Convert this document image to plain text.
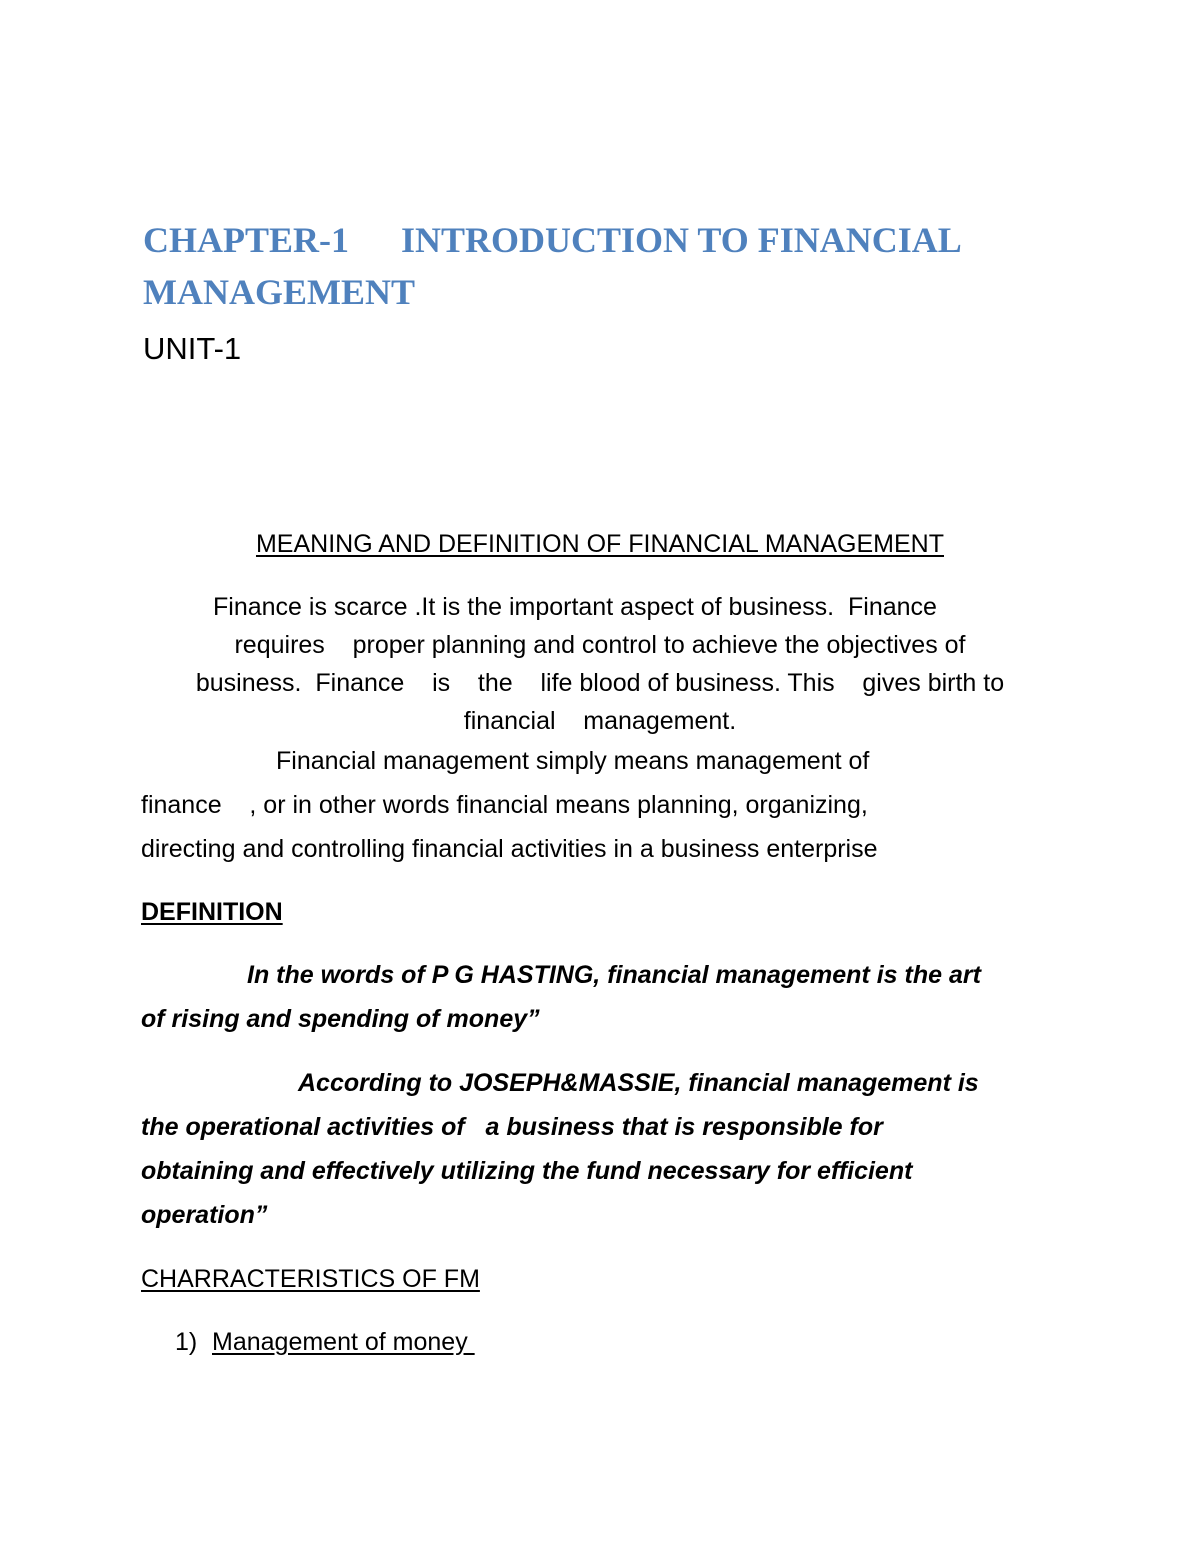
CHAPTER-1 INTRODUCTION TO FINANCIAL

MANAGEMENT

UNIT-1

MEANING AND DEFINITION OF FINANCIAL MANAGEMENT

Finance is scarce .It is the important aspect of business.  Finance

requires    proper planning and control to achieve the objectives of

business.  Finance    is    the    life blood of business. This    gives birth to

financial    management.

Financial management simply means management of

finance    , or in other words financial means planning, organizing,

directing and controlling financial activities in a business enterprise

DEFINITION

In the words of P G HASTING, financial management is the art

of rising and spending of money”

According to JOSEPH&MASSIE, financial management is

the operational activities of   a business that is responsible for

obtaining and effectively utilizing the fund necessary for efficient

operation”

CHARRACTERISTICS OF FM

1) Management of money
